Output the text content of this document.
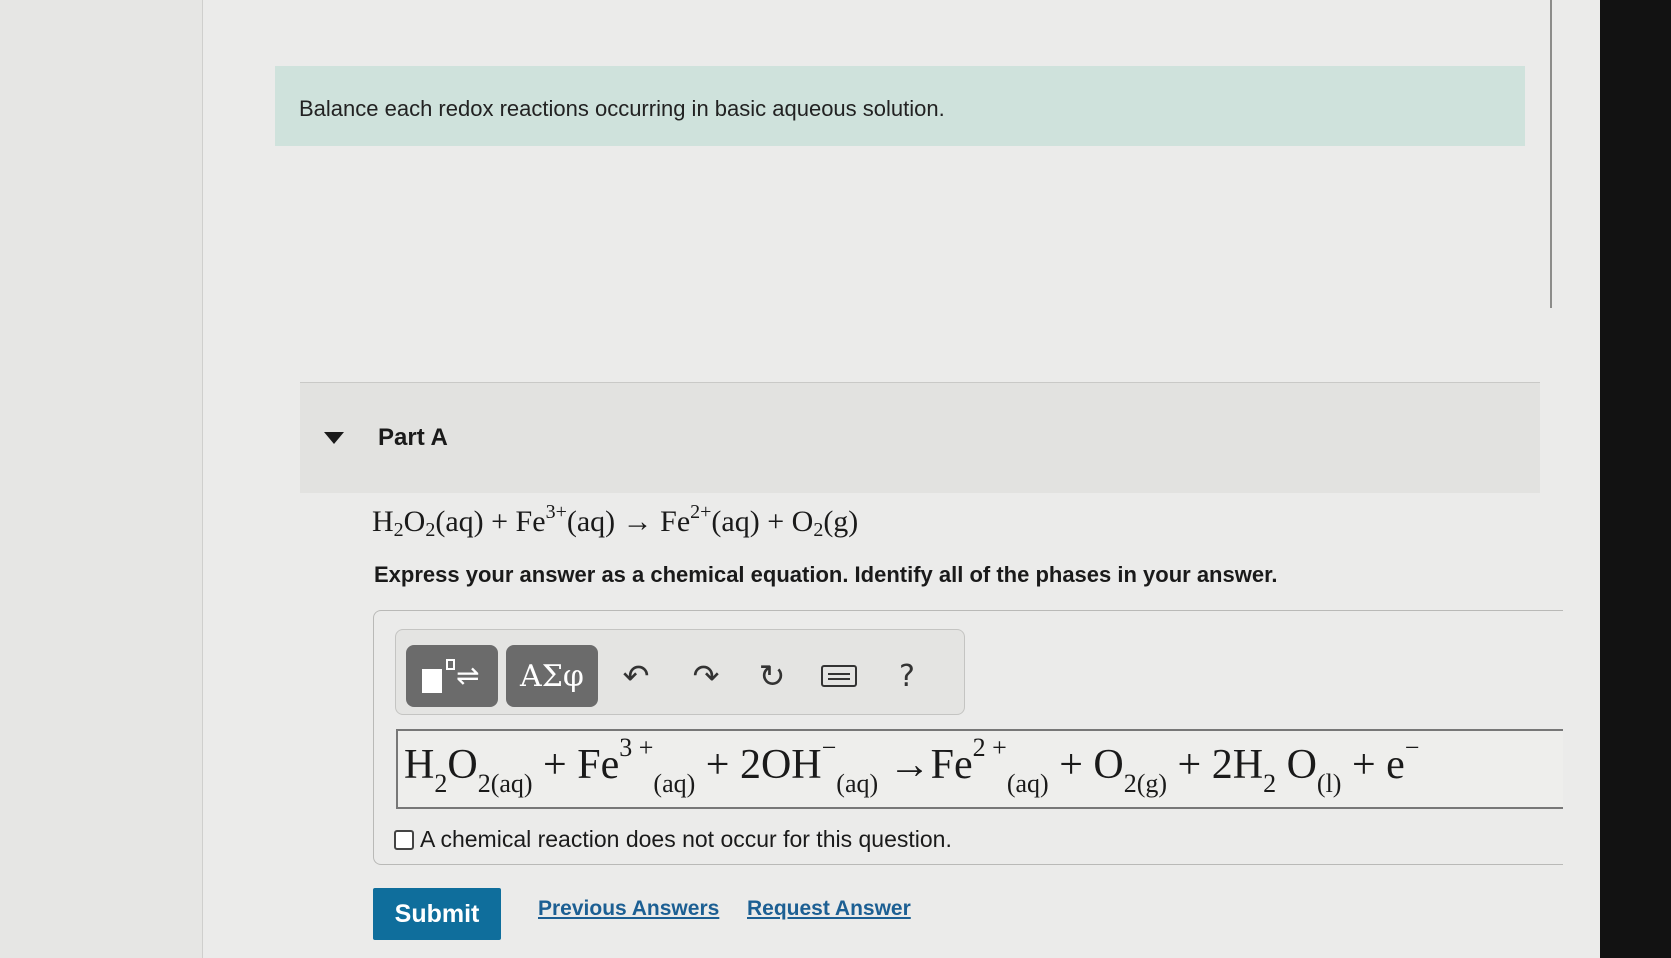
Balance each redox reactions occurring in basic aqueous solution.
Part A
$H_2O_2(aq) + Fe^{3+}(aq) \to Fe^{2+}(aq) + O_2(g)$
Express your answer as a chemical equation. Identify all of the phases in your answer.
⇌ ΑΣφ	↶	↷	↻	?
$H_2O_{2(aq)} + Fe^{3 +}_{(aq)} + 2OH^-_{(aq)} \to Fe^{2 +}_{(aq)} + O_{2(g)} + 2H_2$ $O_{(l)} + e^-$
A chemical reaction does not occur for this question.
Submit	Previous Answers Request Answer
